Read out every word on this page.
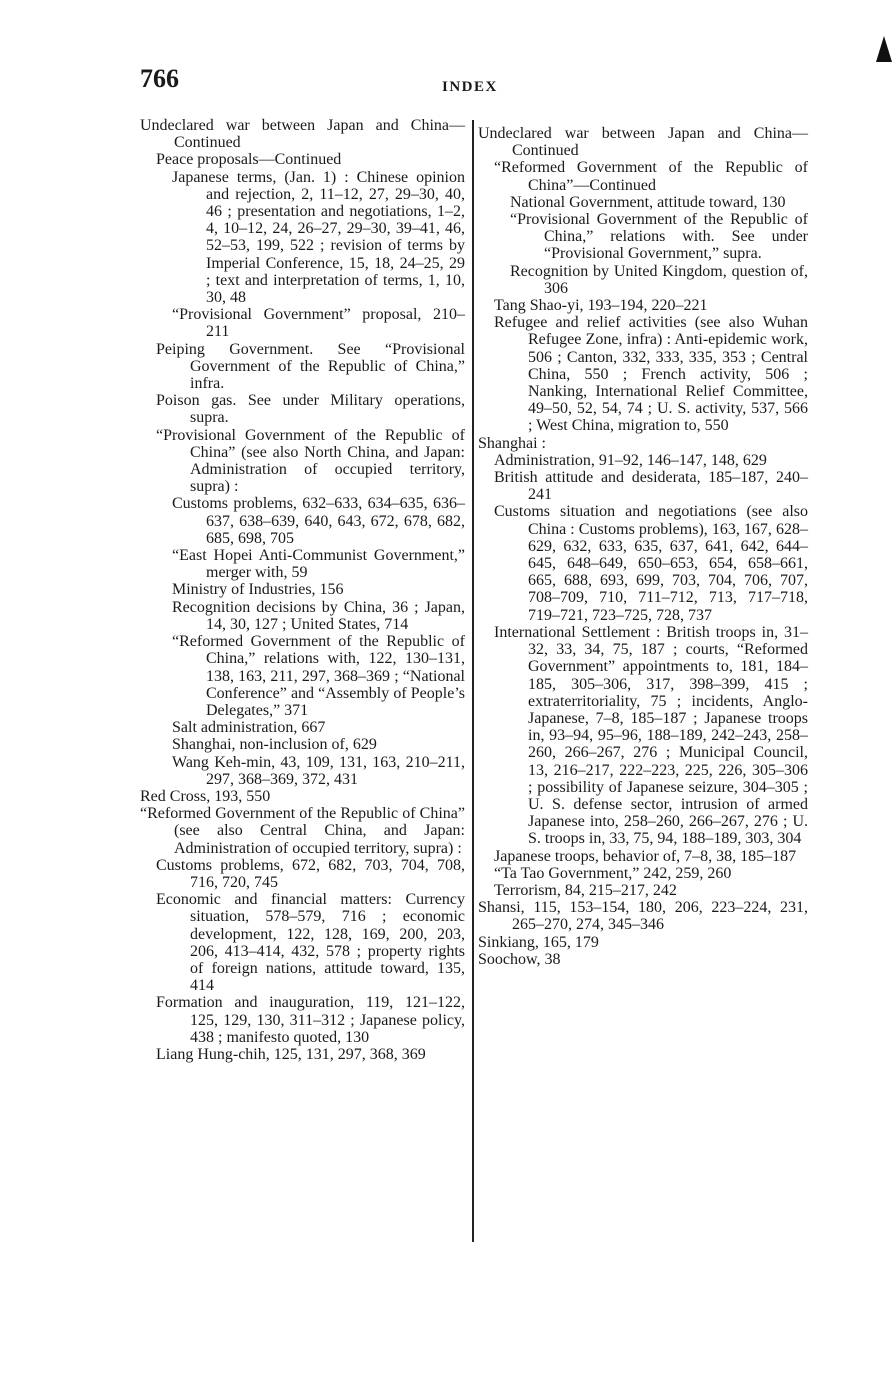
766	INDEX

Undeclared war between Japan and China—Continued

Peace proposals—Continued

Japanese terms, (Jan. 1) : Chinese opinion and rejection, 2, 11–12, 27, 29–30, 40, 46 ; presentation and negotiations, 1–2, 4, 10–12, 24, 26–27, 29–30, 39–41, 46, 52–53, 199, 522 ; revision of terms by Imperial Conference, 15, 18, 24–25, 29 ; text and interpretation of terms, 1, 10, 30, 48

“Provisional Government” proposal, 210–211

Peiping Government. See “Provisional Government of the Republic of China,” infra.

Poison gas. See under Military operations, supra.

“Provisional Government of the Republic of China” (see also North China, and Japan: Administration of occupied territory, supra) :

Customs problems, 632–633, 634–635, 636–637, 638–639, 640, 643, 672, 678, 682, 685, 698, 705

“East Hopei Anti-Communist Government,” merger with, 59

Ministry of Industries, 156

Recognition decisions by China, 36 ; Japan, 14, 30, 127 ; United States, 714

“Reformed Government of the Republic of China,” relations with, 122, 130–131, 138, 163, 211, 297, 368–369 ; “National Conference” and “Assembly of People’s Delegates,” 371

Salt administration, 667

Shanghai, non-inclusion of, 629

Wang Keh-min, 43, 109, 131, 163, 210–211, 297, 368–369, 372, 431

Red Cross, 193, 550

“Reformed Government of the Republic of China” (see also Central China, and Japan: Administration of occupied territory, supra) :

Customs problems, 672, 682, 703, 704, 708, 716, 720, 745

Economic and financial matters: Currency situation, 578–579, 716 ; economic development, 122, 128, 169, 200, 203, 206, 413–414, 432, 578 ; property rights of foreign nations, attitude toward, 135, 414

Formation and inauguration, 119, 121–122, 125, 129, 130, 311–312 ; Japanese policy, 438 ; manifesto quoted, 130

Liang Hung-chih, 125, 131, 297, 368, 369

Undeclared war between Japan and China—Continued

“Reformed Government of the Republic of China”—Continued

National Government, attitude toward, 130

“Provisional Government of the Republic of China,” relations with. See under “Provisional Government,” supra.

Recognition by United Kingdom, question of, 306

Tang Shao-yi, 193–194, 220–221

Refugee and relief activities (see also Wuhan Refugee Zone, infra) : Anti-epidemic work, 506 ; Canton, 332, 333, 335, 353 ; Central China, 550 ; French activity, 506 ; Nanking, International Relief Committee, 49–50, 52, 54, 74 ; U. S. activity, 537, 566 ; West China, migration to, 550

Shanghai :

Administration, 91–92, 146–147, 148, 629

British attitude and desiderata, 185–187, 240–241

Customs situation and negotiations (see also China : Customs problems), 163, 167, 628–629, 632, 633, 635, 637, 641, 642, 644–645, 648–649, 650–653, 654, 658–661, 665, 688, 693, 699, 703, 704, 706, 707, 708–709, 710, 711–712, 713, 717–718, 719–721, 723–725, 728, 737

International Settlement : British troops in, 31–32, 33, 34, 75, 187 ; courts, “Reformed Government” appointments to, 181, 184–185, 305–306, 317, 398–399, 415 ; extraterritoriality, 75 ; incidents, Anglo-Japanese, 7–8, 185–187 ; Japanese troops in, 93–94, 95–96, 188–189, 242–243, 258–260, 266–267, 276 ; Municipal Council, 13, 216–217, 222–223, 225, 226, 305–306 ; possibility of Japanese seizure, 304–305 ; U. S. defense sector, intrusion of armed Japanese into, 258–260, 266–267, 276 ; U. S. troops in, 33, 75, 94, 188–189, 303, 304

Japanese troops, behavior of, 7–8, 38, 185–187

“Ta Tao Government,” 242, 259, 260

Terrorism, 84, 215–217, 242

Shansi, 115, 153–154, 180, 206, 223–224, 231, 265–270, 274, 345–346

Sinkiang, 165, 179

Soochow, 38
